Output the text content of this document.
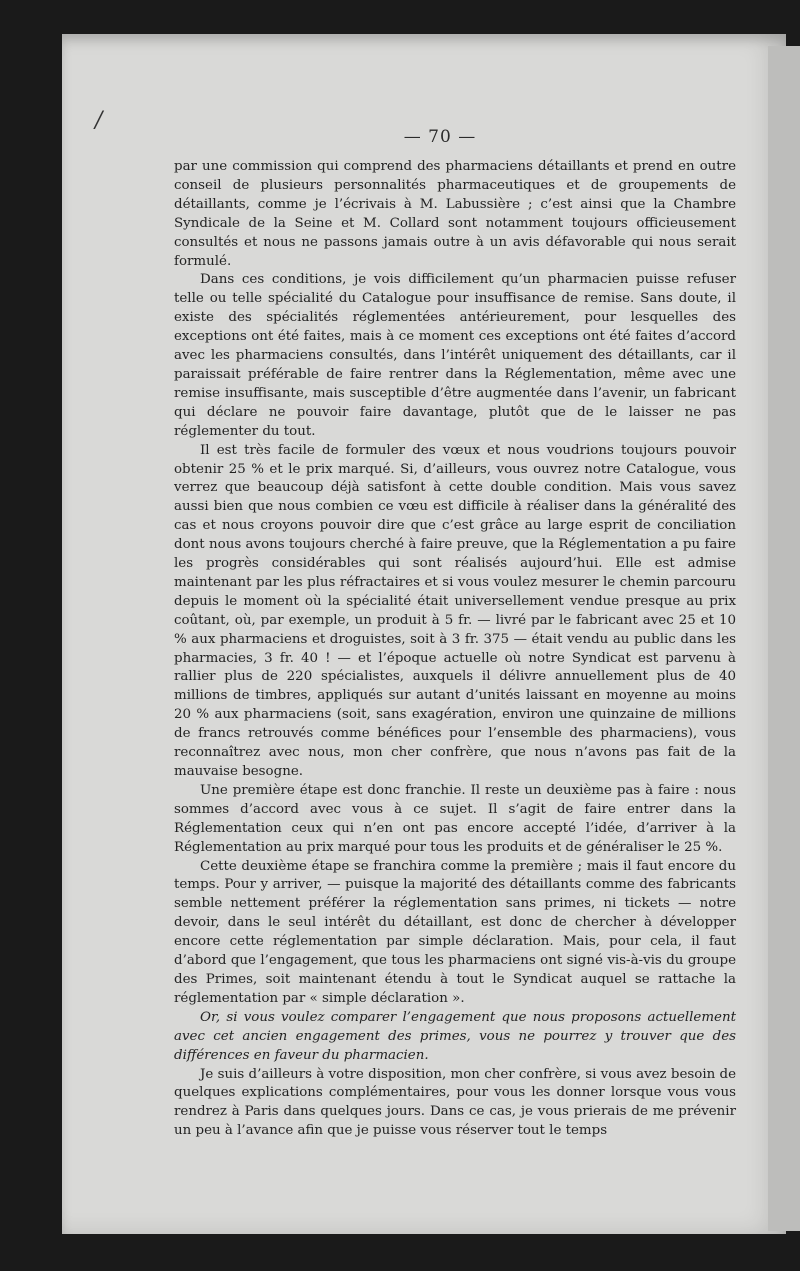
/
— 70 —

par une commission qui comprend des pharmaciens détaillants et prend en outre conseil de plusieurs personnalités pharmaceutiques et de groupements de détaillants, comme je l’écrivais à M. Labussière ; c’est ainsi que la Chambre Syndicale de la Seine et M. Collard sont notamment toujours officieusement consultés et nous ne passons jamais outre à un avis défavorable qui nous serait formulé.

Dans ces conditions, je vois difficilement qu’un pharmacien puisse refuser telle ou telle spécialité du Catalogue pour insuffisance de remise. Sans doute, il existe des spécialités réglementées antérieurement, pour lesquelles des exceptions ont été faites, mais à ce moment ces exceptions ont été faites d’accord avec les pharmaciens consultés, dans l’intérêt uniquement des détaillants, car il paraissait préférable de faire rentrer dans la Réglementation, même avec une remise insuffisante, mais susceptible d’être augmentée dans l’avenir, un fabricant qui déclare ne pouvoir faire davantage, plutôt que de le laisser ne pas réglementer du tout.

Il est très facile de formuler des vœux et nous voudrions toujours pouvoir obtenir 25 % et le prix marqué. Si, d’ailleurs, vous ouvrez notre Catalogue, vous verrez que beaucoup déjà satisfont à cette double condition. Mais vous savez aussi bien que nous combien ce vœu est difficile à réaliser dans la généralité des cas et nous croyons pouvoir dire que c’est grâce au large esprit de conciliation dont nous avons toujours cherché à faire preuve, que la Réglementation a pu faire les progrès considérables qui sont réalisés aujourd’hui. Elle est admise maintenant par les plus réfractaires et si vous voulez mesurer le chemin parcouru depuis le moment où la spécialité était universellement vendue presque au prix coûtant, où, par exemple, un produit à 5 fr. — livré par le fabricant avec 25 et 10 % aux pharmaciens et droguistes, soit à 3 fr. 375 — était vendu au public dans les pharmacies, 3 fr. 40 ! — et l’époque actuelle où notre Syndicat est parvenu à rallier plus de 220 spécialistes, auxquels il délivre annuellement plus de 40 millions de timbres, appliqués sur autant d’unités laissant en moyenne au moins 20 % aux pharmaciens (soit, sans exagération, environ une quinzaine de millions de francs retrouvés comme bénéfices pour l’ensemble des pharmaciens), vous reconnaîtrez avec nous, mon cher confrère, que nous n’avons pas fait de la mauvaise besogne.

Une première étape est donc franchie. Il reste un deuxième pas à faire : nous sommes d’accord avec vous à ce sujet. Il s’agit de faire entrer dans la Réglementation ceux qui n’en ont pas encore accepté l’idée, d’arriver à la Réglementation au prix marqué pour tous les produits et de généraliser le 25 %.

Cette deuxième étape se franchira comme la première ; mais il faut encore du temps. Pour y arriver, — puisque la majorité des détaillants comme des fabricants semble nettement préférer la réglementation sans primes, ni tickets — notre devoir, dans le seul intérêt du détaillant, est donc de chercher à développer encore cette réglementation par simple déclaration. Mais, pour cela, il faut d’abord que l’engagement, que tous les pharmaciens ont signé vis-à-vis du groupe des Primes, soit maintenant étendu à tout le Syndicat auquel se rattache la réglementation par « simple déclaration ».

Or, si vous voulez comparer l’engagement que nous proposons actuellement avec cet ancien engagement des primes, vous ne pourrez y trouver que des différences en faveur du pharmacien.

Je suis d’ailleurs à votre disposition, mon cher confrère, si vous avez besoin de quelques explications complémentaires, pour vous les donner lorsque vous vous rendrez à Paris dans quelques jours. Dans ce cas, je vous prierais de me prévenir un peu à l’avance afin que je puisse vous réserver tout le temps
